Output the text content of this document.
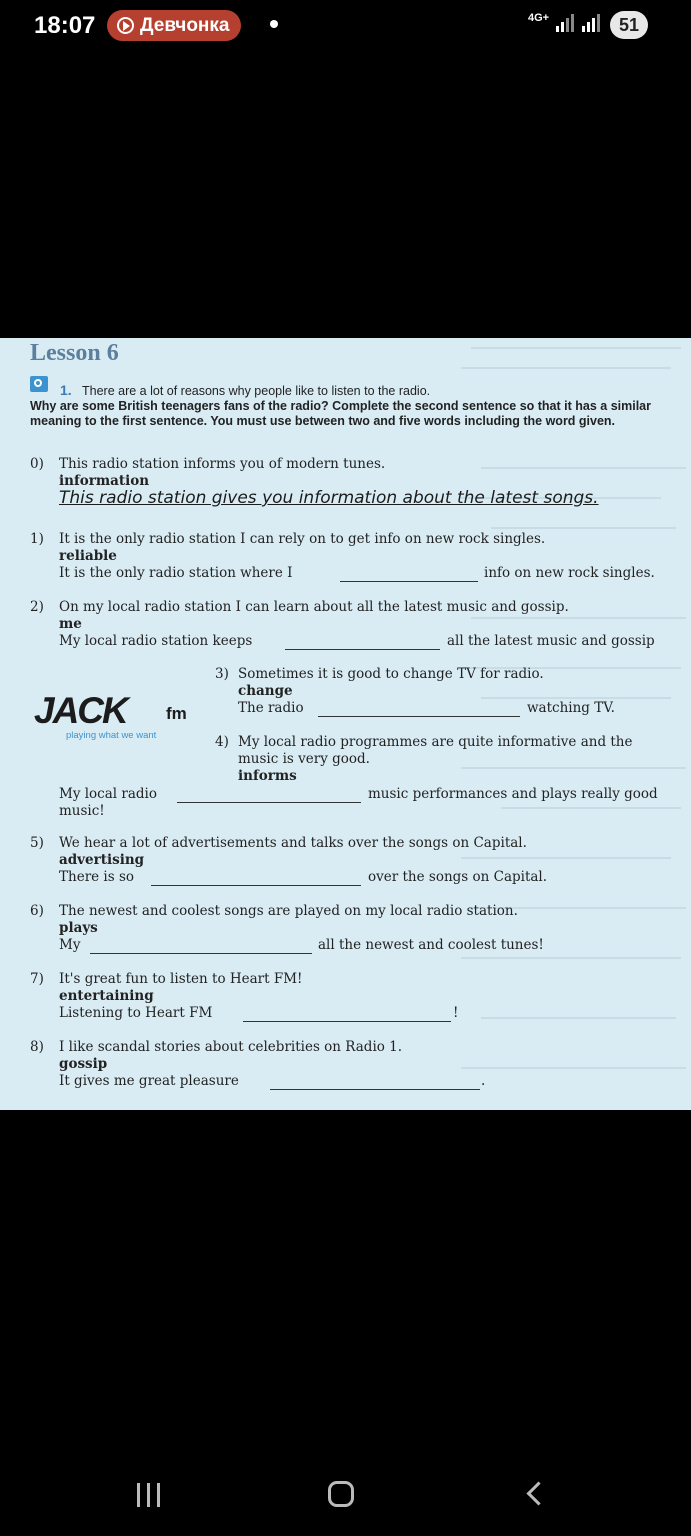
18:07 Девчонка	4G+	51
Lesson 6
1. There are a lot of reasons why people like to listen to the radio.
Why are some British teenagers fans of the radio? Complete the second sentence so that it has a similar meaning to the first sentence. You must use between two and five words including the word given.
0) This radio station informs you of modern tunes.
information
This radio station gives you information about the latest songs.
1) It is the only radio station I can rely on to get info on new rock singles.
reliable
It is the only radio station where I	info on new rock singles.
2) On my local radio station I can learn about all the latest music and gossip.
me
My local radio station keeps	all the latest music and gossip
JACK fm
playing what we want
3) Sometimes it is good to change TV for radio.
change
The radio	watching TV.
4) My local radio programmes are quite informative and the
music is very good.
informs
My local radio	music performances and plays really good
music!
5) We hear a lot of advertisements and talks over the songs on Capital.
advertising
There is so	over the songs on Capital.
6) The newest and coolest songs are played on my local radio station.
plays
My	all the newest and coolest tunes!
7) It's great fun to listen to Heart FM!
entertaining
Listening to Heart FM	!
8) I like scandal stories about celebrities on Radio 1.
gossip
It gives me great pleasure	.
